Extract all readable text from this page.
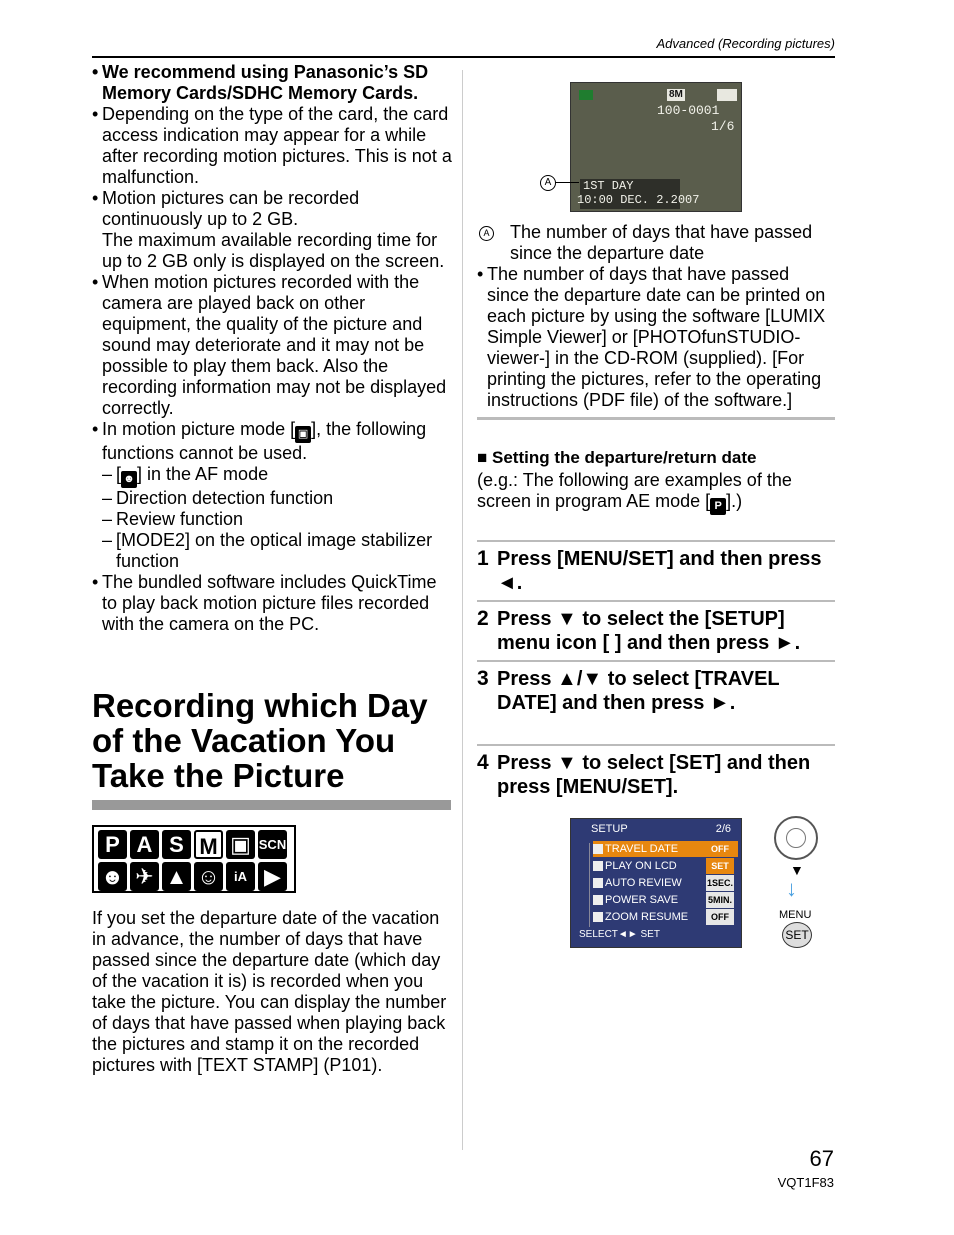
Advanced (Recording pictures)

• We recommend using Panasonic’s SD Memory Cards/SDHC Memory Cards.

• Depending on the type of the card, the card access indication may appear for a while after recording motion pictures. This is not a malfunction.

• Motion pictures can be recorded continuously up to 2 GB.

The maximum available recording time for up to 2 GB only is displayed on the screen.

• When motion pictures recorded with the camera are played back on other equipment, the quality of the picture and sound may deteriorate and it may not be possible to play them back. Also the recording information may not be displayed correctly.

• In motion picture mode [ ▣ ], the following functions cannot be used.

– [ ☻ ] in the AF mode

– Direction detection function

– Review function

– [MODE2] on the optical image stabilizer function

• The bundled software includes QuickTime to play back motion picture files recorded with the camera on the PC.

Recording which Day of the Vacation You Take the Picture
P A S M ▣ SCN
☻ ✈ ▲ ☺	iA ▶

If you set the departure date of the vacation in advance, the number of days that have passed since the departure date (which day of the vacation it is) is recorded when you take the picture. You can display the number of days that have passed when playing back the pictures and stamp it on the recorded pictures with [TEXT STAMP] (P101).

8M
100-0001
1/6
1ST DAY
10:00 DEC. 2.2007
A

A The number of days that have passed since the departure date

• The number of days that have passed since the departure date can be printed on each picture by using the software [LUMIX Simple Viewer] or [PHOTOfunSTUDIO-viewer-] in the CD-ROM (supplied). [For printing the pictures, refer to the operating instructions (PDF file) of the software.]

■ Setting the departure/return date

(e.g.: The following are examples of the screen in program AE mode [ P ].)

1 Press [MENU/SET] and then press ◄.
2 Press ▼ to select the [SETUP] menu icon [ ] and then press ►.
3 Press ▲/▼ to select [TRAVEL DATE] and then press ►.
4 Press ▼ to select [SET] and then press [MENU/SET].
SETUP	2/6
TRAVEL DATE	OFF
PLAY ON LCD	SET
AUTO REVIEW	1SEC.
POWER SAVE	5MIN.
ZOOM RESUME	OFF
SELECT◄► SET
▼
↓
MENU
SET
67
VQT1F83
